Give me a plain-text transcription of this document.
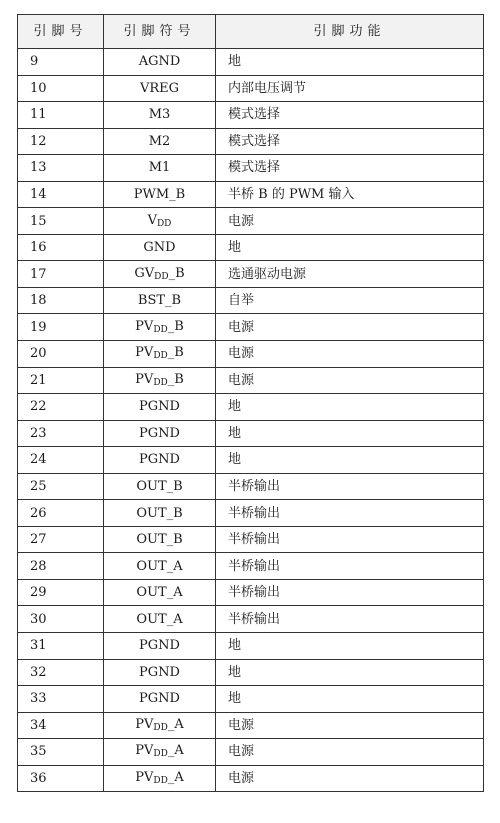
引脚号	引脚符号	引脚功能
9	AGND	地
10	VREG	内部电压调节
11	M3	模式选择
12	M2	模式选择
13	M1	模式选择
14	PWM_B	半桥 B 的 PWM 输入
15	$V_{DD}$	电源
16	GND	地
17	$GV_{DD}\_B$	选通驱动电源
18	BST_B	自举
19	$PV_{DD}\_B$	电源
20	$PV_{DD}\_B$	电源
21	$PV_{DD}\_B$	电源
22	PGND	地
23	PGND	地
24	PGND	地
25	OUT_B	半桥输出
26	OUT_B	半桥输出
27	OUT_B	半桥输出
28	OUT_A	半桥输出
29	OUT_A	半桥输出
30	OUT_A	半桥输出
31	PGND	地
32	PGND	地
33	PGND	地
34	$PV_{DD}\_A$	电源
35	$PV_{DD}\_A$	电源
36	$PV_{DD}\_A$	电源
